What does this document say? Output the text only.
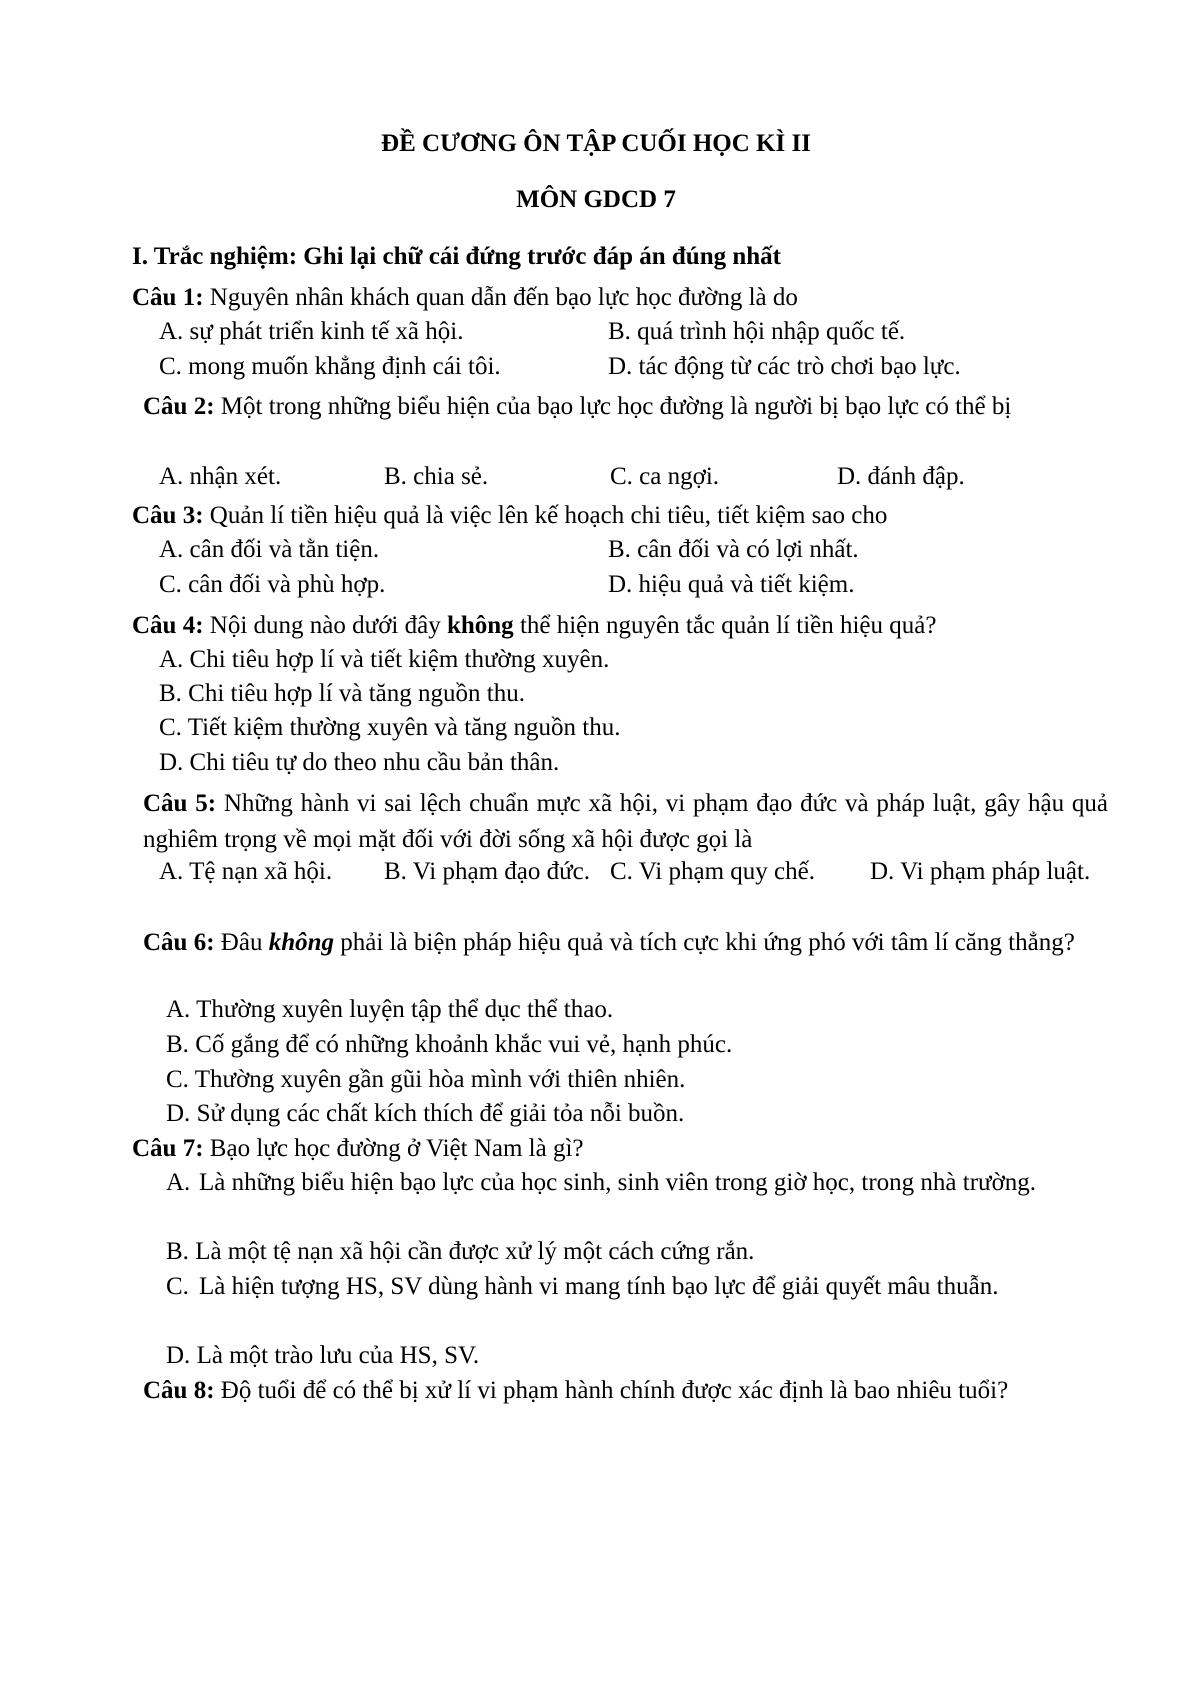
ĐỀ CƯƠNG ÔN TẬP CUỐI HỌC KÌ II
MÔN GDCD 7
I. Trắc nghiệm: Ghi lại chữ cái đứng trước đáp án đúng nhất
Câu 1: Nguyên nhân khách quan dẫn đến bạo lực học đường là do
A. sự phát triển kinh tế xã hội.	B. quá trình hội nhập quốc tế.
C. mong muốn khẳng định cái tôi.	D. tác động từ các trò chơi bạo lực.
Câu 2: Một trong những biểu hiện của bạo lực học đường là người bị bạo lực có thể bị
A. nhận xét.	B. chia sẻ.	C. ca ngợi.	D. đánh đập.
Câu 3: Quản lí tiền hiệu quả là việc lên kế hoạch chi tiêu, tiết kiệm sao cho
A. cân đối và tằn tiện.	B. cân đối và có lợi nhất.
C. cân đối và phù hợp.	D. hiệu quả và tiết kiệm.
Câu 4: Nội dung nào dưới đây không thể hiện nguyên tắc quản lí tiền hiệu quả?
A. Chi tiêu hợp lí và tiết kiệm thường xuyên.
B. Chi tiêu hợp lí và tăng nguồn thu.
C. Tiết kiệm thường xuyên và tăng nguồn thu.
D. Chi tiêu tự do theo nhu cầu bản thân.
Câu 5: Những hành vi sai lệch chuẩn mực xã hội, vi phạm đạo đức và pháp luật, gây hậu quả nghiêm trọng về mọi mặt đối với đời sống xã hội được gọi là
A. Tệ nạn xã hội. B. Vi phạm đạo đức. C. Vi phạm quy chế. D. Vi phạm pháp luật.
Câu 6: Đâu không phải là biện pháp hiệu quả và tích cực khi ứng phó với tâm lí căng thẳng?
A. Thường xuyên luyện tập thể dục thể thao.
B. Cố gắng để có những khoảnh khắc vui vẻ, hạnh phúc.
C. Thường xuyên gần gũi hòa mình với thiên nhiên.
D. Sử dụng các chất kích thích để giải tỏa nỗi buồn.
Câu 7: Bạo lực học đường ở Việt Nam là gì?
A. Là những biểu hiện bạo lực của học sinh, sinh viên trong giờ học, trong nhà trường.
B. Là một tệ nạn xã hội cần được xử lý một cách cứng rắn.
C. Là hiện tượng HS, SV dùng hành vi mang tính bạo lực để giải quyết mâu thuẫn.
D. Là một trào lưu của HS, SV.
Câu 8: Độ tuổi để có thể bị xử lí vi phạm hành chính được xác định là bao nhiêu tuổi?
